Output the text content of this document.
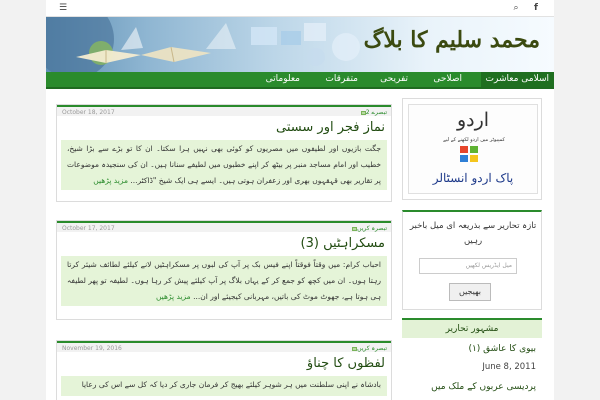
☰	⌕	f
محمد سلیم کا بلاگ
اسلامی معاشرت
اصلاحی
تفریحی
متفرقات
معلوماتی
2 تبصرے
October 18, 2017
نماز فجر اور سستی
جگت بازیوں اور لطیفوں میں مصریوں کو کوئی بھی نہیں ہرا سکتا۔ ان کا تو بڑے سے بڑا شیخ، خطیب اور امام مساجد منبر پر بیٹھ کر اپنے خطبوں میں لطیفے سنانا ہیں۔ ان کی سنجیدہ موضوعات پر تقاریر بھی قہقہوں بھری اور زعفران ہوتی ہیں۔ ایسے ہی ایک شیخ "ڈاکٹر... مزید پڑھیں
تبصرہ کریں
October 17, 2017
مسکراہٹیں (3)
احباب کرام: میں وقتاً فوقتاً اپنے فیس بک پر آپ کی لبوں پر مسکراہٹیں لانے کیلئے لطائف شیئر کرتا رہتا ہوں۔ ان میں کچھ کو جمع کر کے یہاں بلاگ پر آپ کیلئے پیش کر رہا ہوں۔ لطیفہ تو پھر لطیفہ ہی ہوتا ہے، جھوٹ موٹ کی باتیں، مہربانی کیجیئے اور ان... مزید پڑھیں
تبصرہ کریں
November 19, 2016
لفظوں کا چناؤ
بادشاہ نے اپنی سلطنت میں ہر شوہر کیلئے بھیج کر فرمان جاری کر دیا کہ کل سے اس کی رعایا
اردو
کمپیوٹر میں اردو لکھنے کے لیے
پاک اردو انسٹالر
تازہ تحاریر سے بذریعہ ای میل باخبر رہیں
میل ایڈریس لکھیں
بھیجیں
مشہور تحاریر
بیوی کا عاشق (۱)
June 8, 2011
پردیسی عربوں کے ملک میں
